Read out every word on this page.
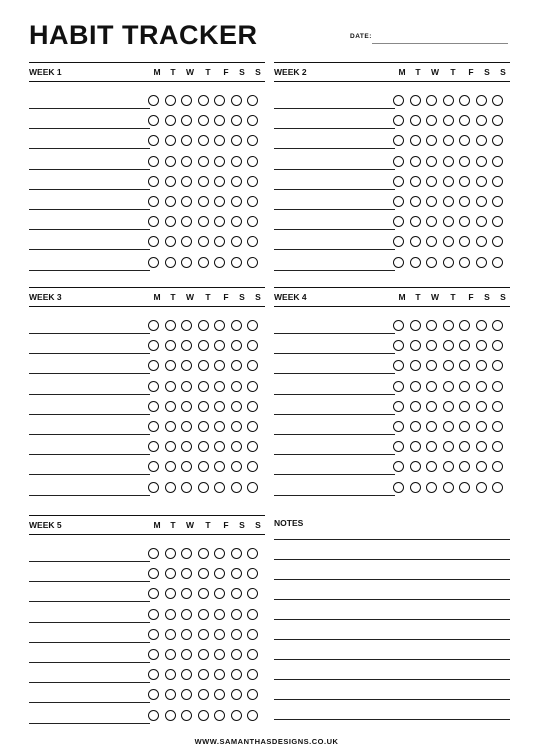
HABIT TRACKER	DATE:
WEEK 1	M	T	W	T	F	S	S	WEEK 2	M	T	W	T	F	S	S
WEEK 3	M	T	W	T	F	S	S	WEEK 4	M	T	W	T	F	S	S
WEEK 5	M	T	W	T	F	S	S	NOTES
WWW.SAMANTHASDESIGNS.CO.UK
